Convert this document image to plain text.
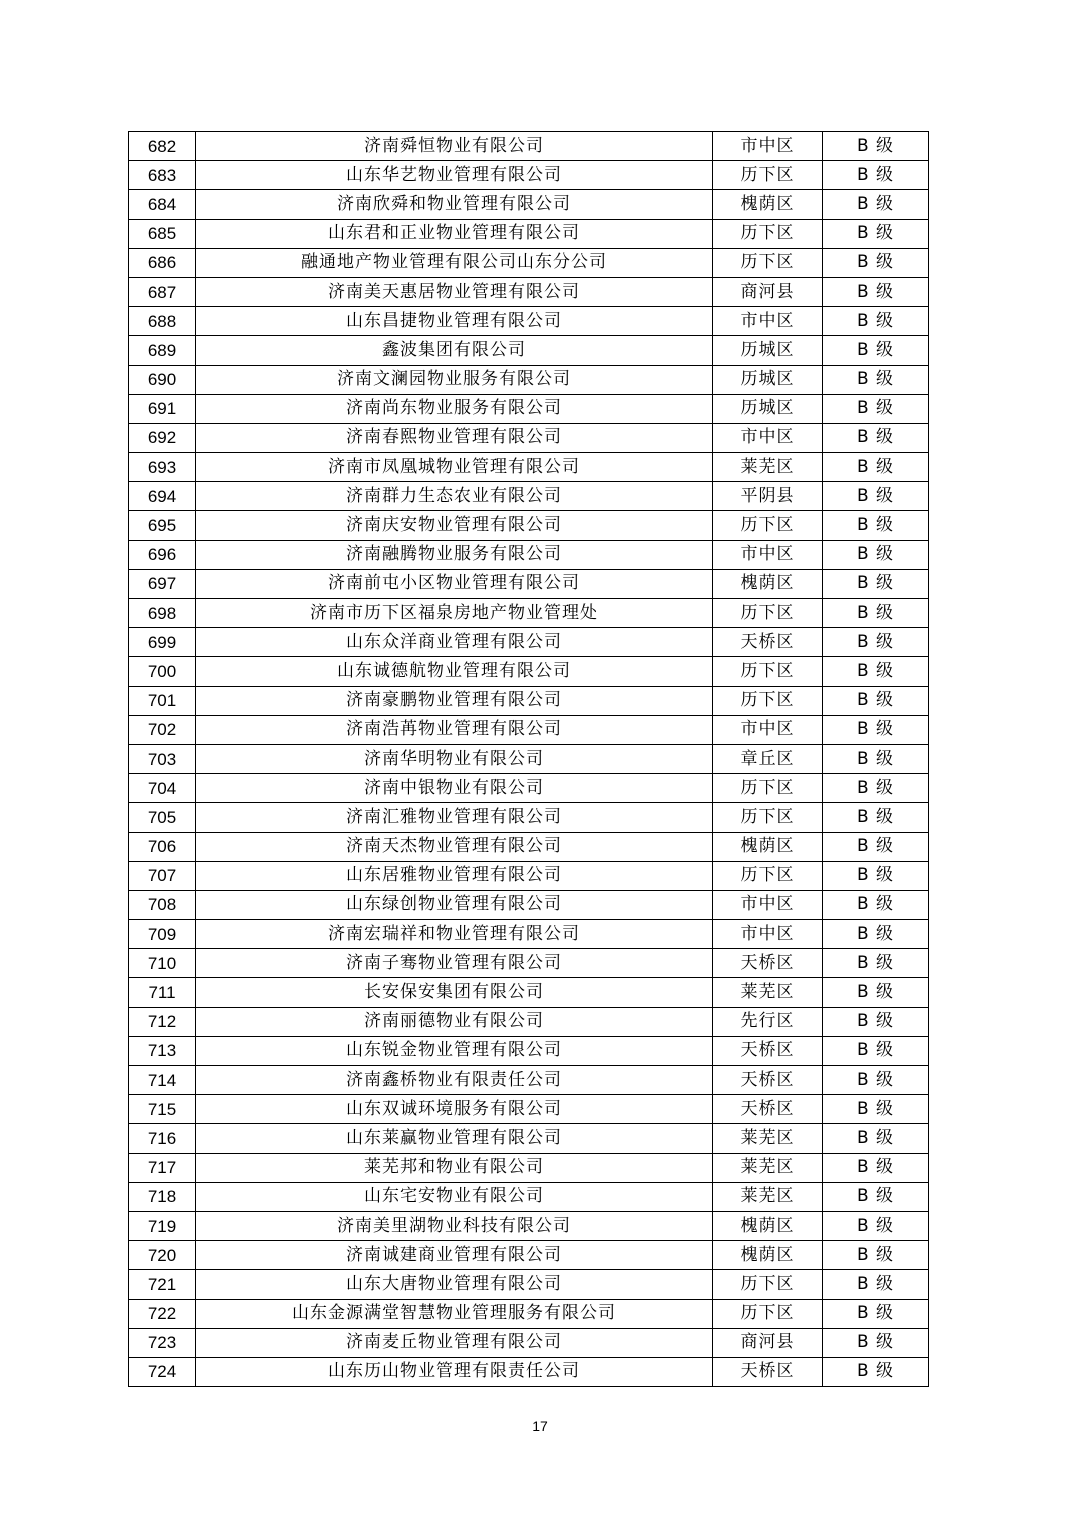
682	济南舜恒物业有限公司	市中区	B 级
683	山东华艺物业管理有限公司	历下区	B 级
684	济南欣舜和物业管理有限公司	槐荫区	B 级
685	山东君和正业物业管理有限公司	历下区	B 级
686	融通地产物业管理有限公司山东分公司	历下区	B 级
687	济南美天惠居物业管理有限公司	商河县	B 级
688	山东昌捷物业管理有限公司	市中区	B 级
689	鑫波集团有限公司	历城区	B 级
690	济南文澜园物业服务有限公司	历城区	B 级
691	济南尚东物业服务有限公司	历城区	B 级
692	济南春熙物业管理有限公司	市中区	B 级
693	济南市凤凰城物业管理有限公司	莱芜区	B 级
694	济南群力生态农业有限公司	平阴县	B 级
695	济南庆安物业管理有限公司	历下区	B 级
696	济南融腾物业服务有限公司	市中区	B 级
697	济南前屯小区物业管理有限公司	槐荫区	B 级
698	济南市历下区福泉房地产物业管理处	历下区	B 级
699	山东众洋商业管理有限公司	天桥区	B 级
700	山东诚德航物业管理有限公司	历下区	B 级
701	济南豪鹏物业管理有限公司	历下区	B 级
702	济南浩苒物业管理有限公司	市中区	B 级
703	济南华明物业有限公司	章丘区	B 级
704	济南中银物业有限公司	历下区	B 级
705	济南汇雅物业管理有限公司	历下区	B 级
706	济南天杰物业管理有限公司	槐荫区	B 级
707	山东居雅物业管理有限公司	历下区	B 级
708	山东绿创物业管理有限公司	市中区	B 级
709	济南宏瑞祥和物业管理有限公司	市中区	B 级
710	济南子骞物业管理有限公司	天桥区	B 级
711	长安保安集团有限公司	莱芜区	B 级
712	济南丽德物业有限公司	先行区	B 级
713	山东锐金物业管理有限公司	天桥区	B 级
714	济南鑫桥物业有限责任公司	天桥区	B 级
715	山东双诚环境服务有限公司	天桥区	B 级
716	山东莱赢物业管理有限公司	莱芜区	B 级
717	莱芜邦和物业有限公司	莱芜区	B 级
718	山东宅安物业有限公司	莱芜区	B 级
719	济南美里湖物业科技有限公司	槐荫区	B 级
720	济南诚建商业管理有限公司	槐荫区	B 级
721	山东大唐物业管理有限公司	历下区	B 级
722	山东金源满堂智慧物业管理服务有限公司	历下区	B 级
723	济南麦丘物业管理有限公司	商河县	B 级
724	山东历山物业管理有限责任公司	天桥区	B 级
17
